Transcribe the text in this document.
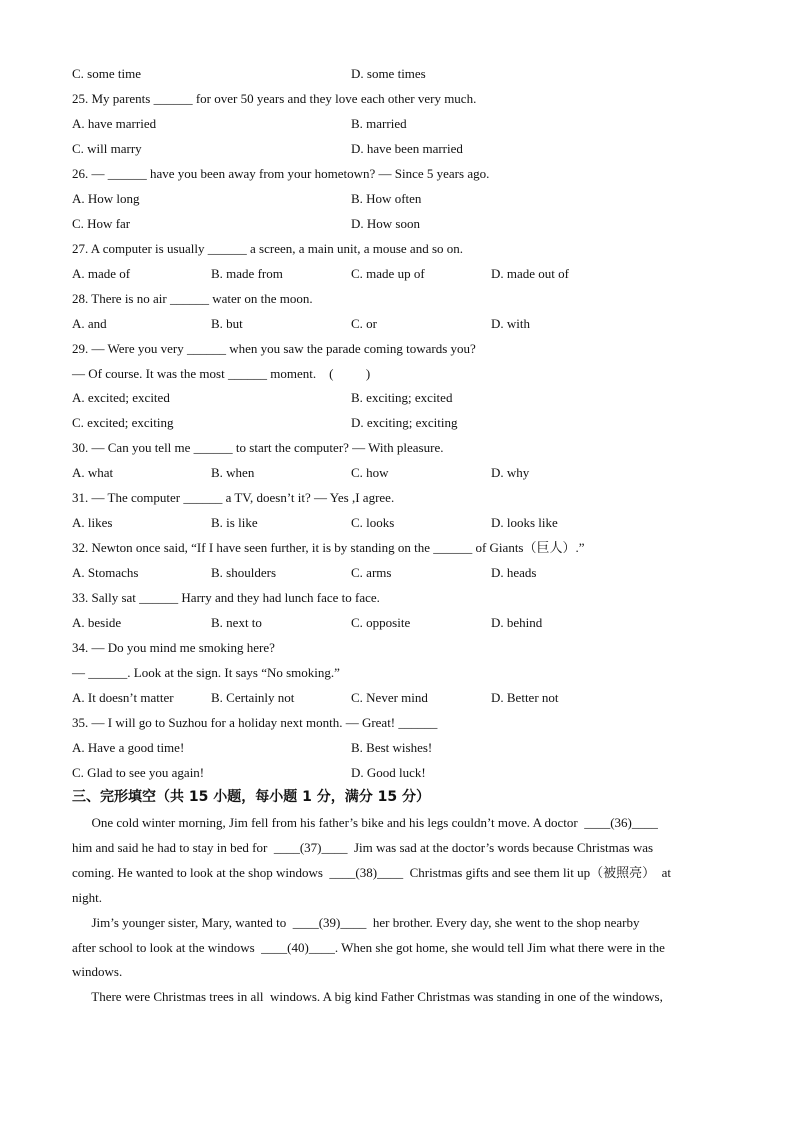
C. some time	D. some times
25. My parents ______ for over 50 years and they love each other very much.
A. have married	B. married
C. will marry	D. have been married
26. — ______ have you been away from your hometown? — Since 5 years ago.
A. How long	B. How often
C. How far	D. How soon
27. A computer is usually ______ a screen, a main unit, a mouse and so on.
A. made of	B. made from	C. made up of	D. made out of
28. There is no air ______ water on the moon.
A. and	B. but	C. or	D. with
29. — Were you very ______ when you saw the parade coming towards you?
— Of course. It was the most ______ moment.    (          )
A. excited; excited	B. exciting; excited
C. excited; exciting	D. exciting; exciting
30. — Can you tell me ______ to start the computer? — With pleasure.
A. what	B. when	C. how	D. why
31. — The computer ______ a TV, doesn’t it? — Yes ,I agree.
A. likes	B. is like	C. looks	D. looks like
32. Newton once said, “If I have seen further, it is by standing on the ______ of Giants（巨人）.”
A. Stomachs	B. shoulders	C. arms	D. heads
33. Sally sat ______ Harry and they had lunch face to face.
A. beside	B. next to	C. opposite	D. behind
34. — Do you mind me smoking here?
— ______. Look at the sign. It says “No smoking.”
A. It doesn’t matter	B. Certainly not	C. Never mind	D. Better not
35. — I will go to Suzhou for a holiday next month. — Great! ______
A. Have a good time!	B. Best wishes!
C. Glad to see you again!	D. Good luck!
三、完形填空（共 15 小题，每小题 1 分，满分 15 分）
One cold winter morning, Jim fell from his father’s bike and his legs couldn’t move. A doctor  ____(36)____
him and said he had to stay in bed for  ____(37)____  Jim was sad at the doctor’s words because Christmas was
coming. He wanted to look at the shop windows  ____(38)____  Christmas gifts and see them lit up（被照亮）  at
night.
Jim’s younger sister, Mary, wanted to  ____(39)____  her brother. Every day, she went to the shop nearby
after school to look at the windows  ____(40)____. When she got home, she would tell Jim what there were in the
windows.
There were Christmas trees in all  windows. A big kind Father Christmas was standing in one of the windows,
